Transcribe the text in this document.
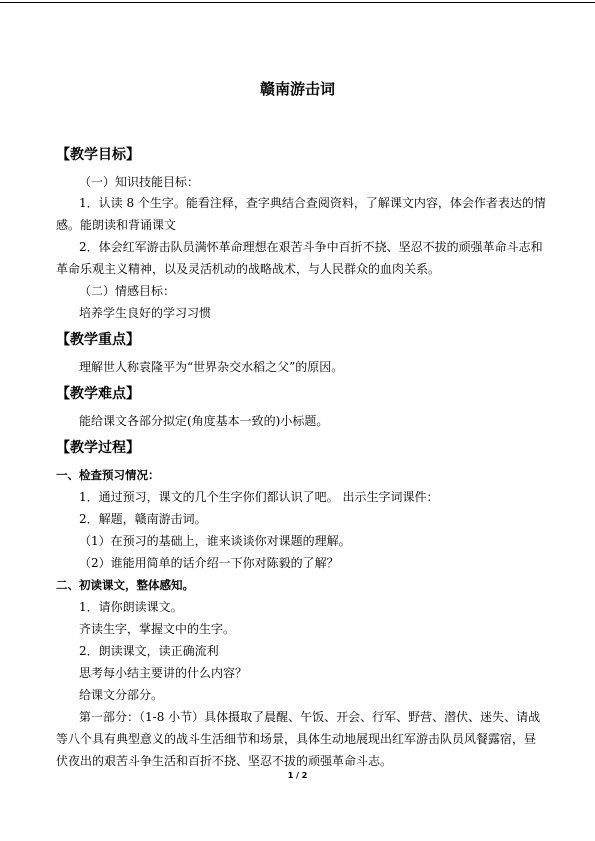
赣南游击词
【教学目标】
（一）知识技能目标：
1．认读 8 个生字。能看注释，查字典结合查阅资料，了解课文内容，体会作者表达的情
感。能朗读和背诵课文
2．体会红军游击队员满怀革命理想在艰苦斗争中百折不挠、坚忍不拔的顽强革命斗志和
革命乐观主义精神，以及灵活机动的战略战术，与人民群众的血肉关系。
（二）情感目标：
培养学生良好的学习习惯
【教学重点】
理解世人称袁隆平为“世界杂交水稻之父”的原因。
【教学难点】
能给课文各部分拟定(角度基本一致的)小标题。
【教学过程】
一、检查预习情况：
1．通过预习，课文的几个生字你们都认识了吧。 出示生字词课件：
2．解题，赣南游击词。
（1）在预习的基础上，谁来谈谈你对课题的理解。
（2）谁能用简单的话介绍一下你对陈毅的了解？
二、初读课文，整体感知。
1．请你朗读课文。
齐读生字，掌握文中的生字。
2．朗读课文，读正确流利
思考每小结主要讲的什么内容？
给课文分部分。
第一部分：（1-8 小节）具体摄取了晨醒、午饭、开会、行军、野营、潜伏、迷失、请战
等八个具有典型意义的战斗生活细节和场景，具体生动地展现出红军游击队员风餐露宿，昼
伏夜出的艰苦斗争生活和百折不挠、坚忍不拔的顽强革命斗志。
1 / 2
